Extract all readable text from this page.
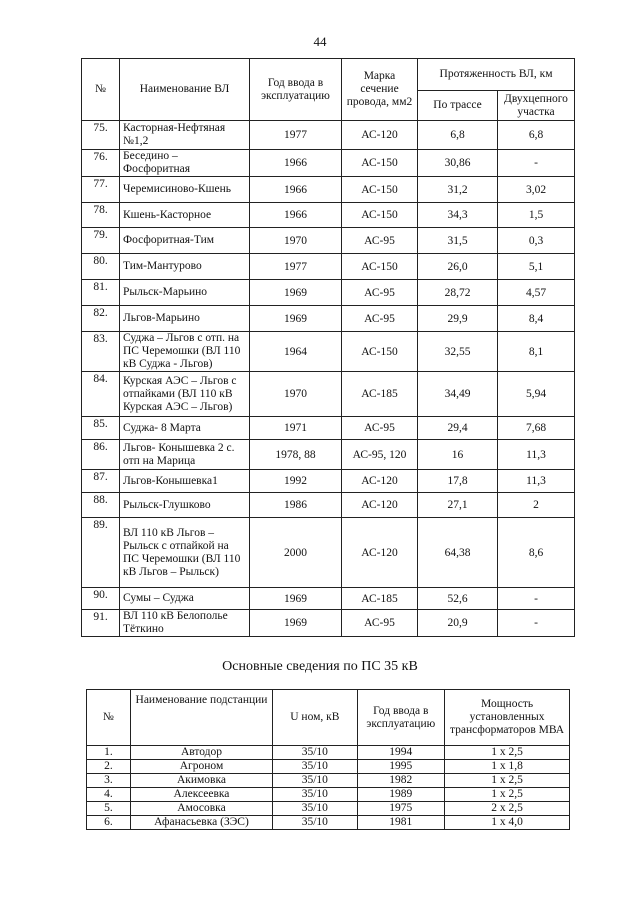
44
№	Наименование ВЛ	Год ввода в эксплуатацию	Марка сечение провода, мм2	Протяженность ВЛ, км	
				По трассе	Двухцепного участка
75.	Касторная-Нефтяная №1,2	1977	АС-120	6,8	6,8
76.	Беседино – Фосфоритная	1966	АС-150	30,86	-
77.	Черемисиново-Кшень	1966	АС-150	31,2	3,02
78.	Кшень-Касторное	1966	АС-150	34,3	1,5
79.	Фосфоритная-Тим	1970	АС-95	31,5	0,3
80.	Тим-Мантурово	1977	АС-150	26,0	5,1
81.	Рыльск-Марьино	1969	АС-95	28,72	4,57
82.	Льгов-Марьино	1969	АС-95	29,9	8,4
83.	Суджа – Льгов с отп. на ПС Черемошки (ВЛ 110 кВ Суджа - Льгов)	1964	АС-150	32,55	8,1
84.	Курская АЭС – Льгов с отпайками (ВЛ 110 кВ Курская АЭС – Льгов)	1970	АС-185	34,49	5,94
85.	Суджа- 8 Марта	1971	АС-95	29,4	7,68
86.	Льгов- Конышевка 2 с. отп на Марица	1978, 88	АС-95, 120	16	11,3
87.	Льгов-Конышевка1	1992	АС-120	17,8	11,3
88.	Рыльск-Глушково	1986	АС-120	27,1	2
89.	ВЛ 110 кВ Льгов – Рыльск с отпайкой на ПС Черемошки (ВЛ 110 кВ Льгов – Рыльск)	2000	АС-120	64,38	8,6
90.	Сумы – Суджа	1969	АС-185	52,6	-
91.	ВЛ 110 кВ Белополье Тёткино	1969	АС-95	20,9	-
Основные сведения по ПС 35 кВ
№	Наименование подстанции	U ном, кВ	Год ввода в эксплуатацию	Мощность установленных трансформаторов МВА
1.	Автодор	35/10	1994	1 х 2,5
2.	Агроном	35/10	1995	1 х 1,8
3.	Акимовка	35/10	1982	1 х 2,5
4.	Алексеевка	35/10	1989	1 х 2,5
5.	Амосовка	35/10	1975	2 х 2,5
6.	Афанасьевка (ЗЭС)	35/10	1981	1 х 4,0
